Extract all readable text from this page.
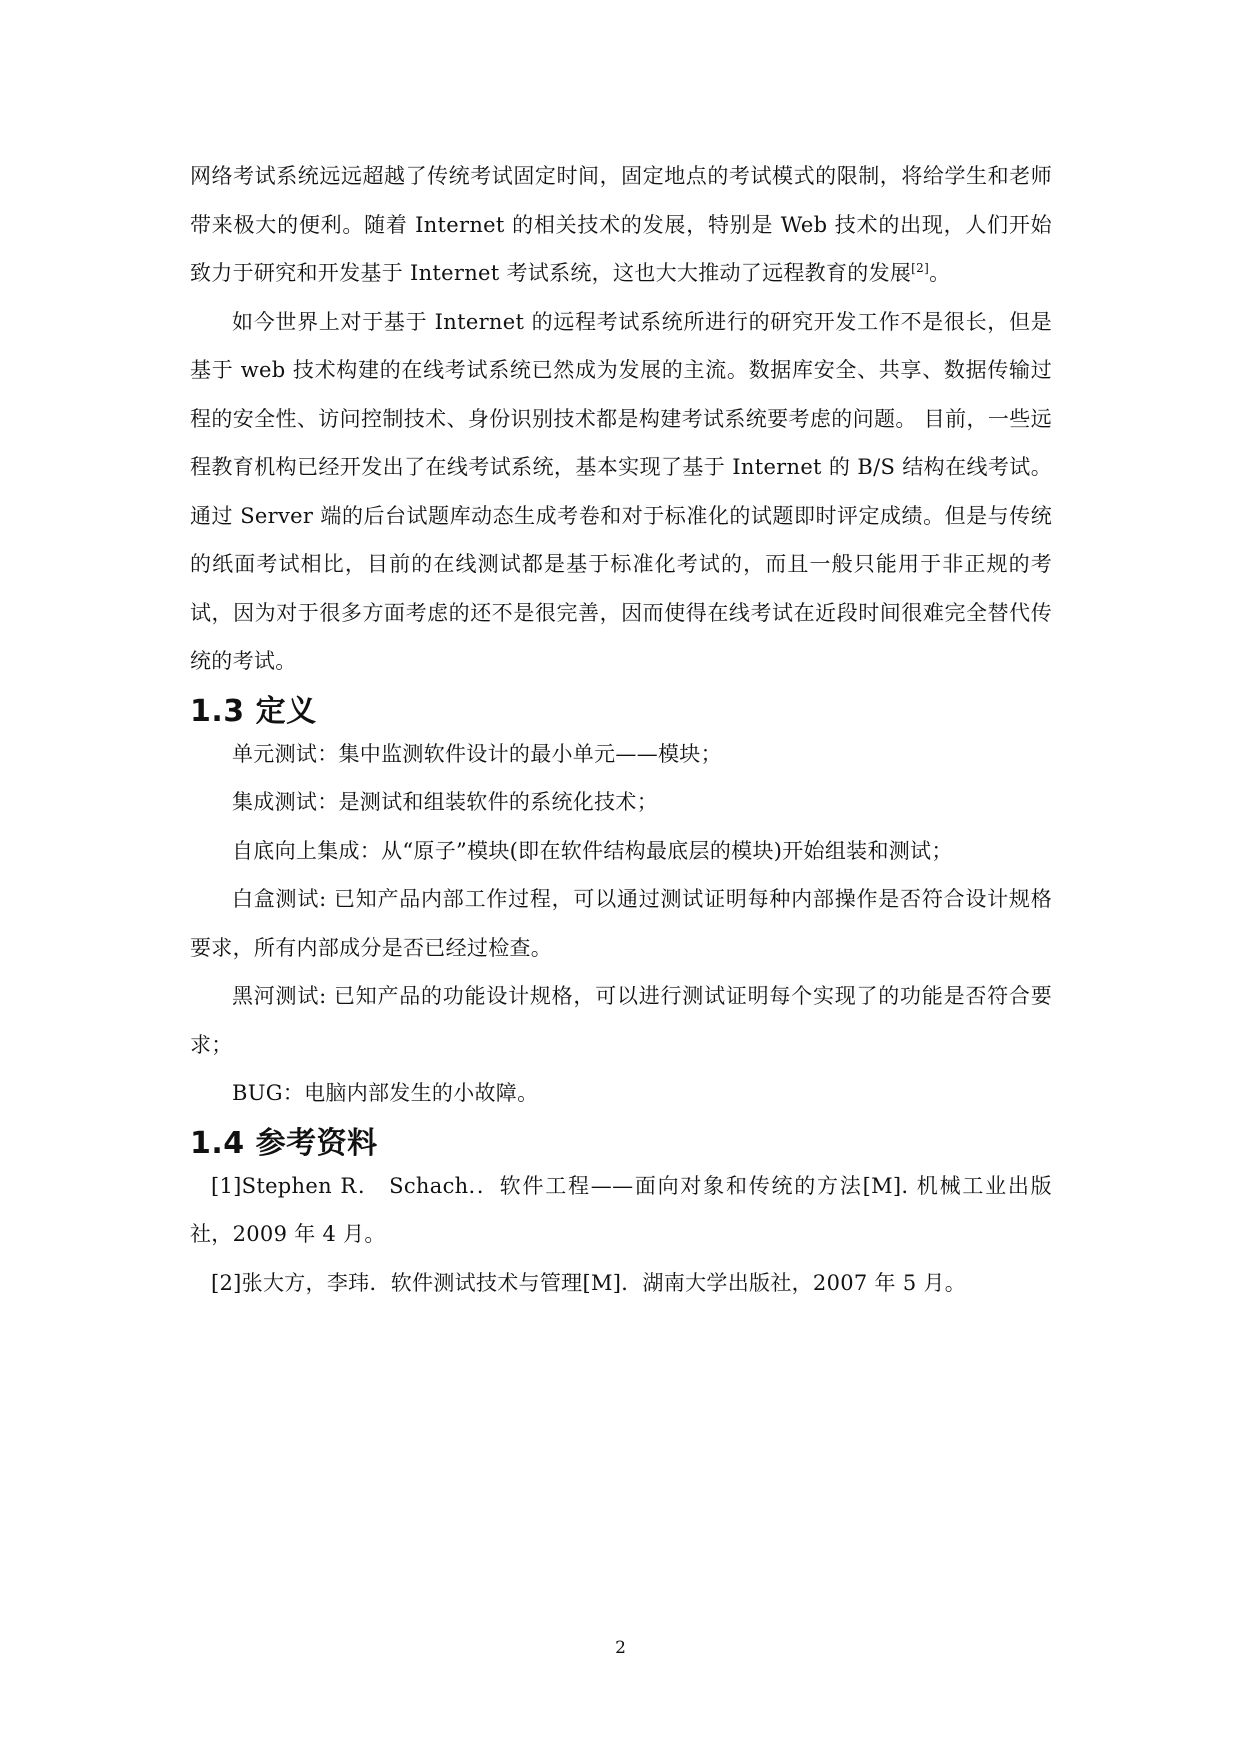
网络考试系统远远超越了传统考试固定时间，固定地点的考试模式的限制，将给学生和老师带来极大的便利。随着 Internet 的相关技术的发展，特别是 Web 技术的出现，人们开始致力于研究和开发基于 Internet 考试系统，这也大大推动了远程教育的发展[2]。

如今世界上对于基于 Internet 的远程考试系统所进行的研究开发工作不是很长，但是基于 web 技术构建的在线考试系统已然成为发展的主流。数据库安全、共享、数据传输过程的安全性、访问控制技术、身份识别技术都是构建考试系统要考虑的问题。 目前，一些远程教育机构已经开发出了在线考试系统，基本实现了基于 Internet 的 B/S 结构在线考试。通过 Server 端的后台试题库动态生成考卷和对于标准化的试题即时评定成绩。但是与传统的纸面考试相比，目前的在线测试都是基于标准化考试的，而且一般只能用于非正规的考试，因为对于很多方面考虑的还不是很完善，因而使得在线考试在近段时间很难完全替代传统的考试。

1.3 定义

单元测试：集中监测软件设计的最小单元——模块；

集成测试：是测试和组装软件的系统化技术；

自底向上集成：从“原子”模块(即在软件结构最底层的模块)开始组装和测试；

白盒测试: 已知产品内部工作过程，可以通过测试证明每种内部操作是否符合设计规格要求，所有内部成分是否已经过检查。

黑河测试: 已知产品的功能设计规格，可以进行测试证明每个实现了的功能是否符合要求；

BUG：电脑内部发生的小故障。

1.4 参考资料

[1]Stephen R． Schach.．软件工程——面向对象和传统的方法[M]. 机械工业出版社，2009 年 4 月。

[2]张大方，李玮．软件测试技术与管理[M]．湖南大学出版社，2007 年 5 月。

2
